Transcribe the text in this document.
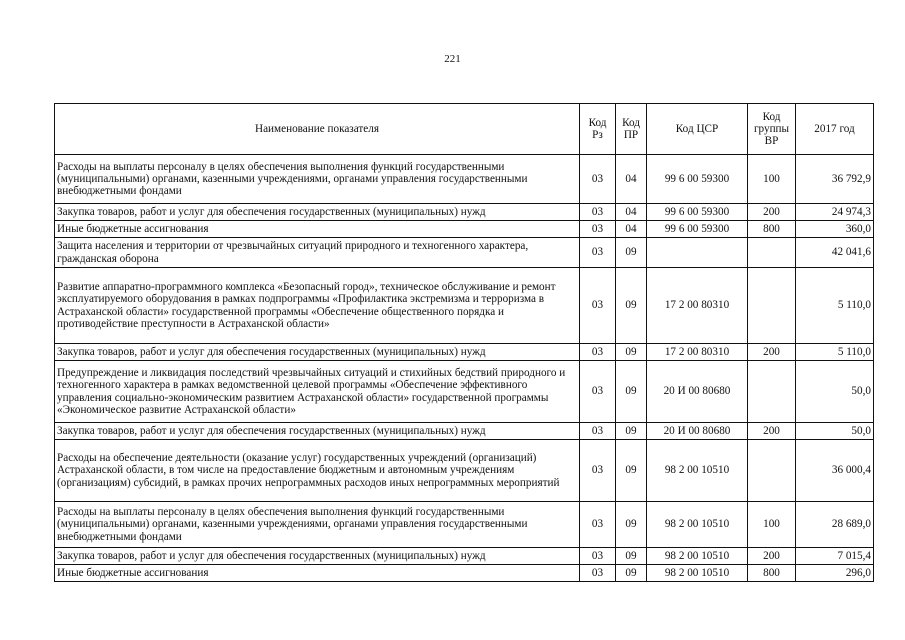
221
Наименование показателя	Код Рз	Код ПР	Код ЦСР	Код группы ВР	2017 год
Расходы на выплаты персоналу в целях обеспечения выполнения функций государственными (муниципальными) органами, казенными учреждениями, органами управления государственными внебюджетными фондами	03	04	99 6 00 59300	100	36 792,9
Закупка товаров, работ и услуг для обеспечения государственных (муниципальных) нужд	03	04	99 6 00 59300	200	24 974,3
Иные бюджетные ассигнования	03	04	99 6 00 59300	800	360,0
Защита населения и территории от чрезвычайных ситуаций природного и техногенного характера, гражданская оборона	03	09			42 041,6
Развитие аппаратно-программного комплекса «Безопасный город», техническое обслуживание и ремонт эксплуатируемого оборудования в рамках подпрограммы «Профилактика экстремизма и терроризма в Астраханской области» государственной программы «Обеспечение общественного порядка и противодействие преступности в Астраханской области»	03	09	17 2 00 80310		5 110,0
Закупка товаров, работ и услуг для обеспечения государственных (муниципальных) нужд	03	09	17 2 00 80310	200	5 110,0
Предупреждение и ликвидация последствий чрезвычайных ситуаций и стихийных бедствий природного и техногенного характера в рамках ведомственной целевой программы «Обеспечение эффективного управления социально-экономическим развитием Астраханской области» государственной программы «Экономическое развитие Астраханской области»	03	09	20 И 00 80680		50,0
Закупка товаров, работ и услуг для обеспечения государственных (муниципальных) нужд	03	09	20 И 00 80680	200	50,0
Расходы на обеспечение деятельности (оказание услуг) государственных учреждений (организаций) Астраханской области, в том числе на предоставление бюджетным и автономным учреждениям (организациям) субсидий, в рамках прочих непрограммных расходов иных непрограммных мероприятий	03	09	98 2 00 10510		36 000,4
Расходы на выплаты персоналу в целях обеспечения выполнения функций государственными (муниципальными) органами, казенными учреждениями, органами управления государственными внебюджетными фондами	03	09	98 2 00 10510	100	28 689,0
Закупка товаров, работ и услуг для обеспечения государственных (муниципальных) нужд	03	09	98 2 00 10510	200	7 015,4
Иные бюджетные ассигнования	03	09	98 2 00 10510	800	296,0
